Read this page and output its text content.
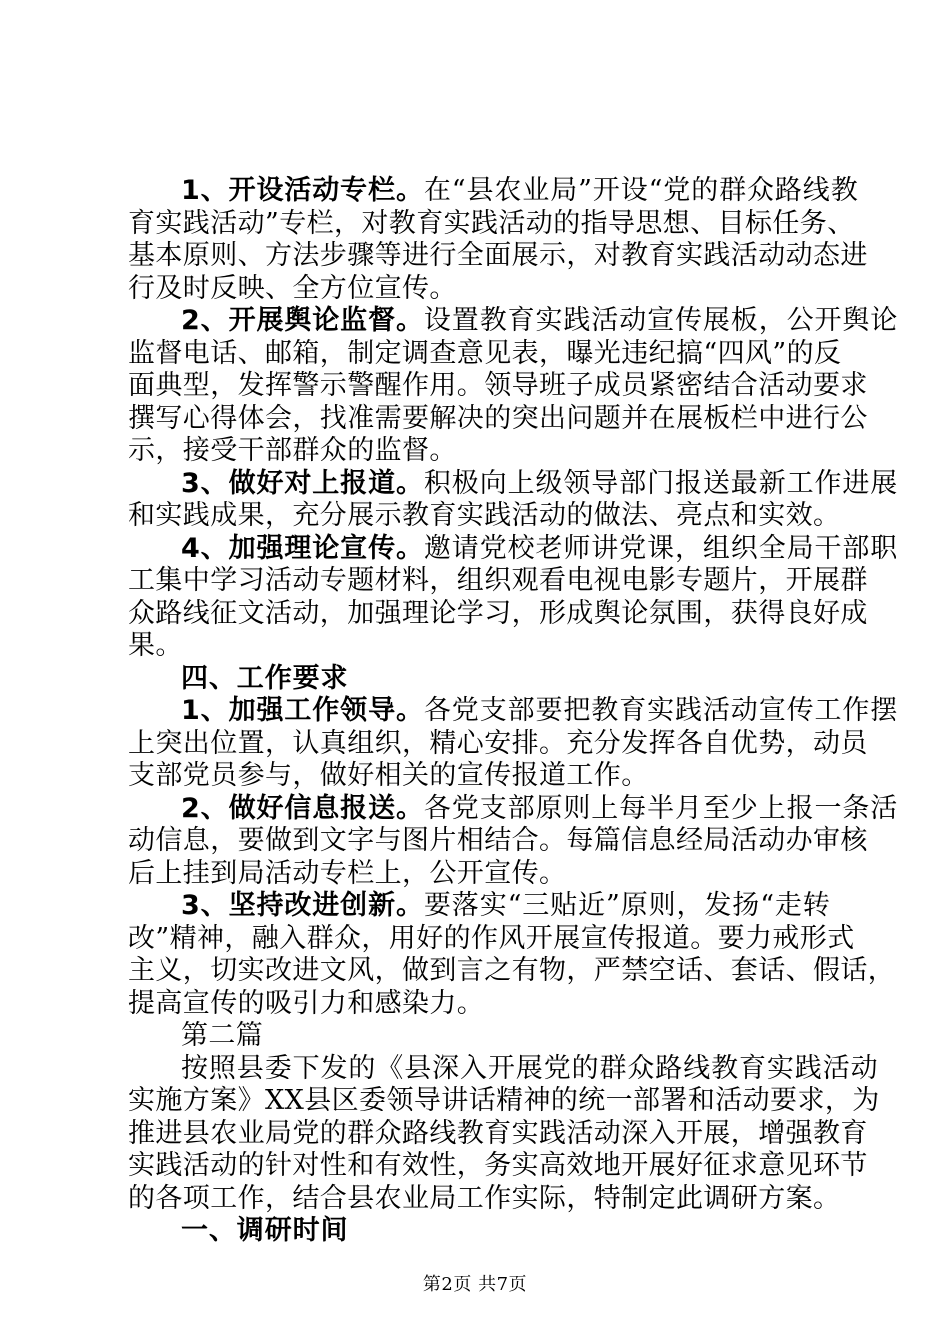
1、开设活动专栏。在“县农业局”开设“党的群众路线教
育实践活动”专栏，对教育实践活动的指导思想、目标任务、
基本原则、方法步骤等进行全面展示，对教育实践活动动态进
行及时反映、全方位宣传。
2、开展舆论监督。设置教育实践活动宣传展板，公开舆论
监督电话、邮箱，制定调查意见表，曝光违纪搞“四风”的反
面典型，发挥警示警醒作用。领导班子成员紧密结合活动要求
撰写心得体会，找准需要解决的突出问题并在展板栏中进行公
示，接受干部群众的监督。
3、做好对上报道。积极向上级领导部门报送最新工作进展
和实践成果，充分展示教育实践活动的做法、亮点和实效。
4、加强理论宣传。邀请党校老师讲党课，组织全局干部职
工集中学习活动专题材料，组织观看电视电影专题片，开展群
众路线征文活动，加强理论学习，形成舆论氛围，获得良好成
果。
四、工作要求
1、加强工作领导。各党支部要把教育实践活动宣传工作摆
上突出位置，认真组织，精心安排。充分发挥各自优势，动员
支部党员参与，做好相关的宣传报道工作。
2、做好信息报送。各党支部原则上每半月至少上报一条活
动信息，要做到文字与图片相结合。每篇信息经局活动办审核
后上挂到局活动专栏上，公开宣传。
3、坚持改进创新。要落实“三贴近”原则，发扬“走转
改”精神，融入群众，用好的作风开展宣传报道。要力戒形式
主义，切实改进文风，做到言之有物，严禁空话、套话、假话，
提高宣传的吸引力和感染力。
第二篇
按照县委下发的《县深入开展党的群众路线教育实践活动
实施方案》XX县区委领导讲话精神的统一部署和活动要求，为
推进县农业局党的群众路线教育实践活动深入开展，增强教育
实践活动的针对性和有效性，务实高效地开展好征求意见环节
的各项工作，结合县农业局工作实际，特制定此调研方案。
一、调研时间
第2页 共7页
